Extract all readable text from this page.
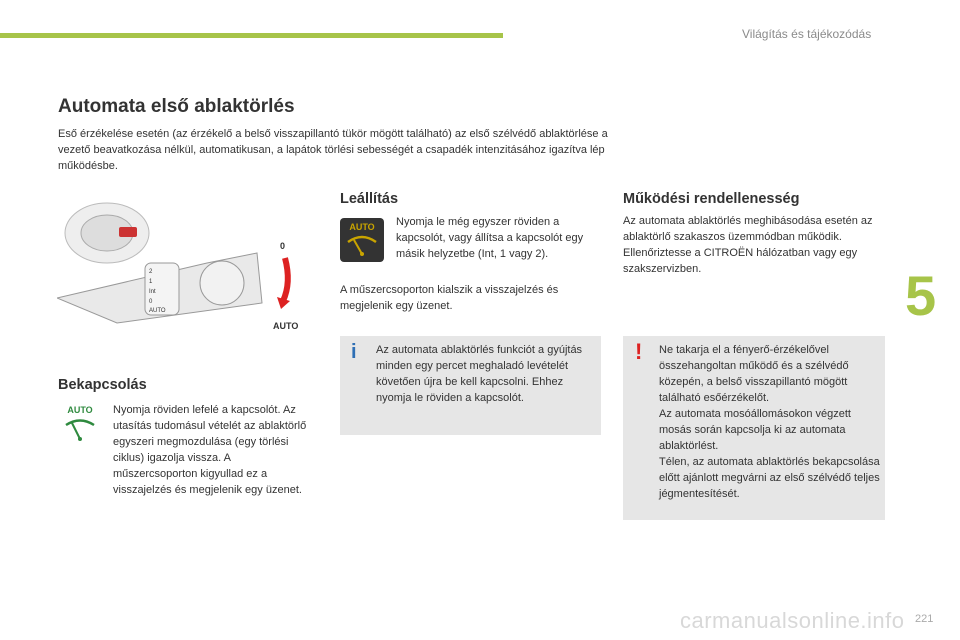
Világítás és tájékozódás
5
Automata első ablaktörlés

Eső érzékelése esetén (az érzékelő a belső visszapillantó tükör mögött található) az első szélvédő ablaktörlése a vezető beavatkozása nélkül, automatikusan, a lapátok törlési sebességét a csapadék intenzitásához igazítva lép működésbe.

0
AUTO
2
1
Int
0
AUTO
Leállítás
AUTO	Nyomja le még egyszer röviden a kapcsolót, vagy állítsa a kapcsolót egy másik helyzetbe (Int, 1 vagy 2).

A műszercsoporton kialszik a visszajelzés és megjelenik egy üzenet.

i Az automata ablaktörlés funkciót a gyújtás minden egy percet meghaladó levételét követően újra be kell kapcsolni. Ehhez nyomja le röviden a kapcsolót.

Bekapcsolás
AUTO	Nyomja röviden lefelé a kapcsolót. Az utasítás tudomásul vételét az ablaktörlő egyszeri megmozdulása (egy törlési ciklus) igazolja vissza. A műszercsoporton kigyullad ez a visszajelzés és megjelenik egy üzenet.

Működési rendellenesség

Az automata ablaktörlés meghibásodása esetén az ablaktörlő szakaszos üzemmódban működik. Ellenőriztesse a CITROËN hálózatban vagy egy szakszervizben.

! Ne takarja el a fényerő-érzékelővel összehangoltan működő és a szélvédő közepén, a belső visszapillantó mögött található esőérzékelőt.
Az automata mosóállomásokon végzett mosás során kapcsolja ki az automata ablaktörlést.
Télen, az automata ablaktörlés bekapcsolása előtt ajánlott megvárni az első szélvédő teljes jégmentesítését.
carmanualsonline.info 221
